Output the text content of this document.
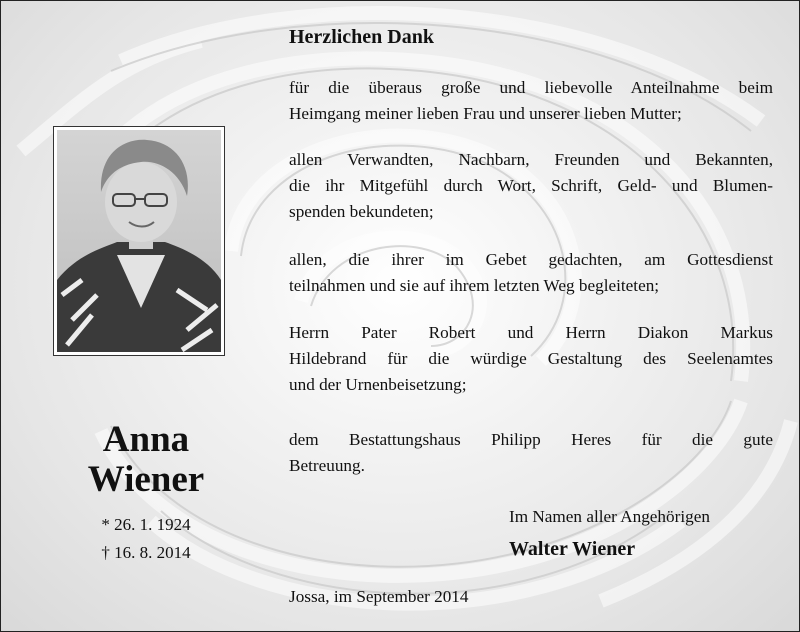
Anna
Wiener
* 26. 1. 1924
† 16. 8. 2014
Herzlichen Dank

für die überaus große und liebevolle Anteilnahme beim
Heimgang meiner lieben Frau und unserer lieben Mutter;

allen Verwandten, Nachbarn, Freunden und Bekannten,
die ihr Mitgefühl durch Wort, Schrift, Geld- und Blumen-
spenden bekundeten;

allen, die ihrer im Gebet gedachten, am Gottesdienst
teilnahmen und sie auf ihrem letzten Weg begleiteten;

Herrn Pater Robert und Herrn Diakon Markus
Hildebrand für die würdige Gestaltung des Seelenamtes
und der Urnenbeisetzung;

dem Bestattungshaus Philipp Heres für die gute
Betreuung.

Im Namen aller Angehörigen
Walter Wiener
Jossa, im September 2014
